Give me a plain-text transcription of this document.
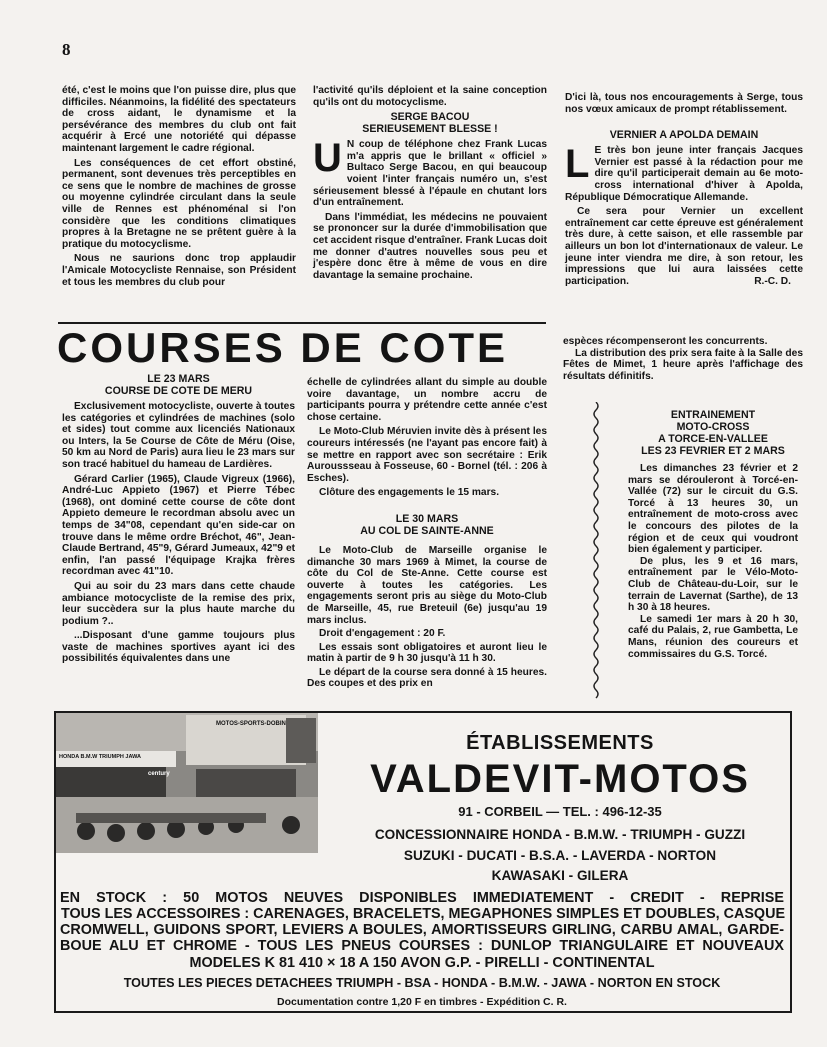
8

été, c'est le moins que l'on puisse dire, plus que difficiles. Néanmoins, la fidélité des spectateurs de cross aidant, le dynamisme et la persévérance des membres du club ont fait acquérir à Ercé une notoriété qui dépasse maintenant largement le cadre régional.

Les conséquences de cet effort obstiné, permanent, sont devenues très perceptibles en ce sens que le nombre de machines de grosse ou moyenne cylindrée circulant dans la seule ville de Rennes est phénoménal si l'on considère que les conditions climatiques propres à la Bretagne ne se prêtent guère à la pratique du motocyclisme.

Nous ne saurions donc trop applaudir l'Amicale Motocycliste Rennaise, son Président et tous les membres du club pour

l'activité qu'ils déploient et la saine conception qu'ils ont du motocyclisme.

SERGE BACOU SERIEUSEMENT BLESSE !

U N coup de téléphone chez Frank Lucas m'a appris que le brillant « officiel » Bultaco Serge Bacou, en qui beaucoup voient l'inter français numéro un, s'est sérieusement blessé à l'épaule en chutant lors d'un entraînement.

Dans l'immédiat, les médecins ne pouvaient se prononcer sur la durée d'immobilisation que cet accident risque d'entraîner. Frank Lucas doit me donner d'autres nouvelles sous peu et j'espère donc être à même de vous en dire davantage la semaine prochaine.

D'ici là, tous nos encouragements à Serge, tous nos vœux amicaux de prompt rétablissement.

VERNIER A APOLDA DEMAIN

L E très bon jeune inter français Jacques Vernier est passé à la rédaction pour me dire qu'il participerait demain au 6e moto-cross international d'hiver à Apolda, République Démocratique Allemande.

Ce sera pour Vernier un excellent entraînement car cette épreuve est généralement très dure, à cette saison, et elle rassemble par ailleurs un bon lot d'internationaux de valeur. Le jeune inter viendra me dire, à son retour, les impressions que lui aura laissées cette participation.	R.-C. D.

COURSES DE COTE
LE 23 MARS
COURSE DE COTE DE MERU

Exclusivement motocycliste, ouverte à toutes les catégories et cylindrées de machines (solo et sides) tout comme aux licenciés Nationaux ou Inters, la 5e Course de Côte de Méru (Oise, 50 km au Nord de Paris) aura lieu le 23 mars sur son tracé habituel du hameau de Lardières.

Gérard Carlier (1965), Claude Vigreux (1966), André-Luc Appieto (1967) et Pierre Tébec (1968), ont dominé cette course de côte dont Appieto demeure le recordman absolu avec un temps de 34"08, cependant qu'en side-car on trouve dans le même ordre Bréchot, 46", Jean-Claude Bertrand, 45"9, Gérard Jumeaux, 42"9 et enfin, l'an passé l'équipage Krajka frères recordman avec 41"10.

Qui au soir du 23 mars dans cette chaude ambiance motocycliste de la remise des prix, leur succèdera sur la plus haute marche du podium ?..

...Disposant d'une gamme toujours plus vaste de machines sportives ayant ici des possibilités équivalentes dans une

échelle de cylindrées allant du simple au double voire davantage, un nombre accru de participants pourra y prétendre cette année c'est chose certaine.

Le Moto-Club Méruvien invite dès à présent les coureurs intéressés (ne l'ayant pas encore fait) à se mettre en rapport avec son secrétaire : Erik Auroussseau à Fosseuse, 60 - Bornel (tél. : 206 à Esches).

Clôture des engagements le 15 mars.

LE 30 MARS
AU COL DE SAINTE-ANNE

Le Moto-Club de Marseille organise le dimanche 30 mars 1969 à Mimet, la course de côte du Col de Ste-Anne. Cette course est ouverte à toutes les catégories. Les engagements seront pris au siège du Moto-Club de Marseille, 45, rue Breteuil (6e) jusqu'au 19 mars inclus.

Droit d'engagement : 20 F.

Les essais sont obligatoires et auront lieu le matin à partir de 9 h 30 jusqu'à 11 h 30.

Le départ de la course sera donné à 15 heures. Des coupes et des prix en

espèces récompenseront les concurrents.

La distribution des prix sera faite à la Salle des Fêtes de Mimet, 1 heure après l'affichage des résultats définitifs.

ENTRAINEMENT
MOTO-CROSS
A TORCE-EN-VALLEE
LES 23 FEVRIER ET 2 MARS

Les dimanches 23 février et 2 mars se dérouleront à Torcé-en-Vallée (72) sur le circuit du G.S. Torcé à 13 heures 30, un entraînement de moto-cross avec le concours des pilotes de la région et de ceux qui voudront bien également y participer.

De plus, les 9 et 16 mars, entraînement par le Vélo-Moto-Club de Château-du-Loir, sur le terrain de Lavernat (Sarthe), de 13 h 30 à 18 heures.

Le samedi 1er mars à 20 h 30, café du Palais, 2, rue Gambetta, Le Mans, réunion des coureurs et commissaires du G.S. Torcé.

MOTOS-SPORTS-DOBIN
HONDA B.M.W TRIUMPH JAWA
century
ÉTABLISSEMENTS
VALDEVIT-MOTOS
91 - CORBEIL — TEL. : 496-12-35
CONCESSIONNAIRE HONDA - B.M.W. - TRIUMPH - GUZZI
SUZUKI - DUCATI - B.S.A. - LAVERDA - NORTON
KAWASAKI - GILERA
EN STOCK : 50 MOTOS NEUVES DISPONIBLES IMMEDIATEMENT - CREDIT - REPRISE
TOUS LES ACCESSOIRES : CARENAGES, BRACELETS, MEGAPHONES SIMPLES ET DOUBLES, CASQUE
CROMWELL, GUIDONS SPORT, LEVIERS A BOULES, AMORTISSEURS GIRLING, CARBU AMAL, GARDE-
BOUE ALU ET CHROME - TOUS LES PNEUS COURSES : DUNLOP TRIANGULAIRE ET NOUVEAUX
MODELES K 81 410 × 18 A 150 AVON G.P. - PIRELLI - CONTINENTAL
TOUTES LES PIECES DETACHEES TRIUMPH - BSA - HONDA - B.M.W. - JAWA - NORTON EN STOCK
Documentation contre 1,20 F en timbres - Expédition C. R.
